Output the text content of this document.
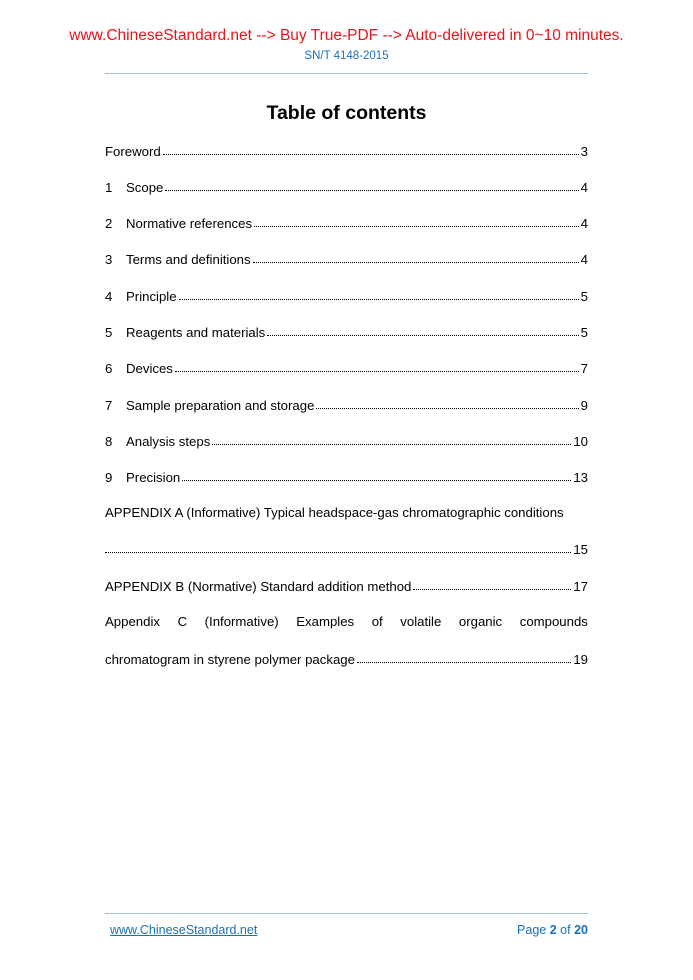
www.ChineseStandard.net --> Buy True-PDF --> Auto-delivered in 0~10 minutes.
SN/T 4148-2015
Table of contents
Foreword	3
1	Scope	4
2	Normative references	4
3	Terms and definitions	4
4	Principle	5
5	Reagents and materials	5
6	Devices	7
7	Sample preparation and storage	9
8	Analysis steps	10
9	Precision	13
APPENDIX A (Informative) Typical headspace-gas chromatographic conditions
15
APPENDIX B (Normative) Standard addition method	17
Appendix C (Informative) Examples of volatile organic compounds
chromatogram in styrene polymer package	19
www.ChineseStandard.net	Page 2 of 20
